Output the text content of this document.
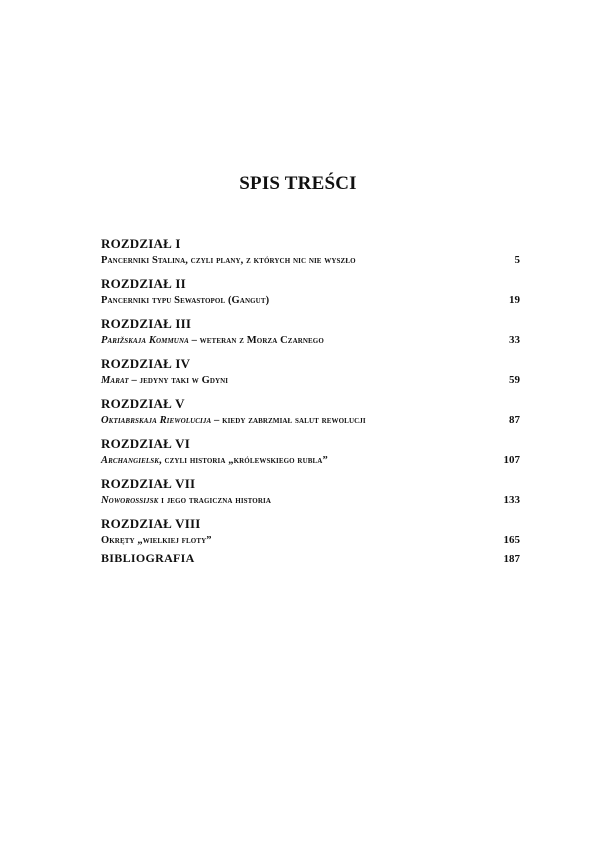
SPIS TREŚCI
ROZDZIAŁ I
Pancerniki Stalina, czyli plany, z których nic nie wyszło	5
ROZDZIAŁ II
Pancerniki typu Sewastopol (Gangut)	19
ROZDZIAŁ III
Parižskaja Kommuna – weteran z Morza Czarnego	33
ROZDZIAŁ IV
Marat – jedyny taki w Gdyni	59
ROZDZIAŁ V
Oktiabrskaja Riewolucija – kiedy zabrzmiał salut rewolucji	87
ROZDZIAŁ VI
Archangielsk, czyli historia „królewskiego rubla”	107
ROZDZIAŁ VII
Noworossijsk i jego tragiczna historia	133
ROZDZIAŁ VIII
Okręty „wielkiej floty”	165
BIBLIOGRAFIA	187
